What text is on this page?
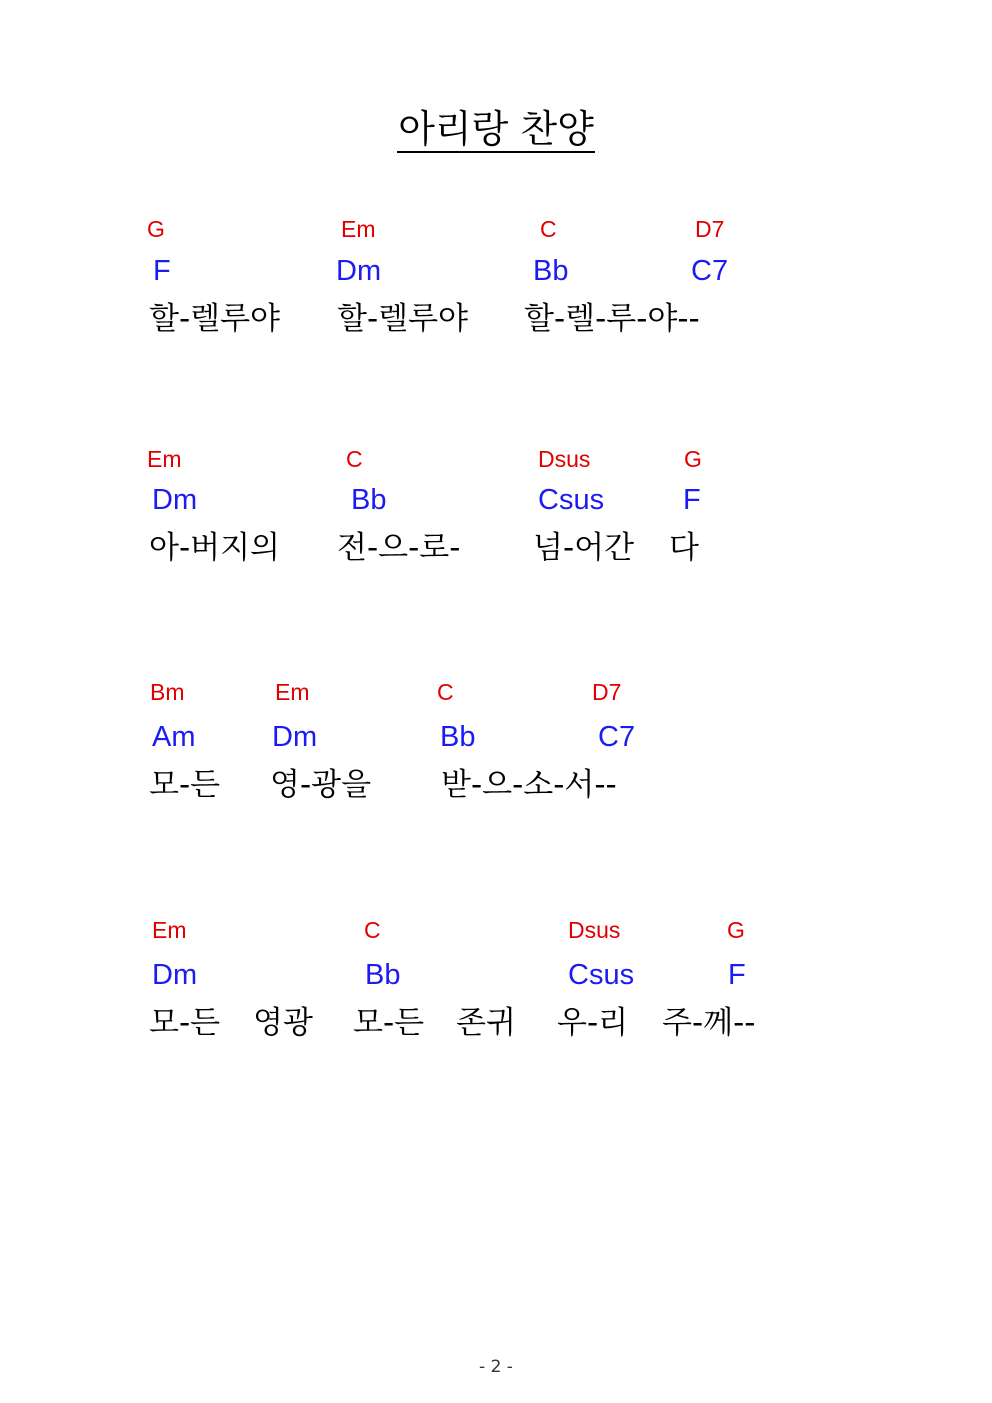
아리랑 찬양
G	Em	C	D7
F	Dm	Bb	C7
할-렐루야 할-렐루야 할-렐-루-야--
Em	C	Dsus	G
Dm	Bb	Csus	F
아-버지의 전-으-로- 넘-어간 다
Bm	Em	C	D7
Am	Dm	Bb	C7
모-든 영-광을 받-으-소-서--
Em	C	Dsus	G
Dm	Bb	Csus	F
모-든 영광 모-든 존귀 우-리 주-께--
- 2 -
